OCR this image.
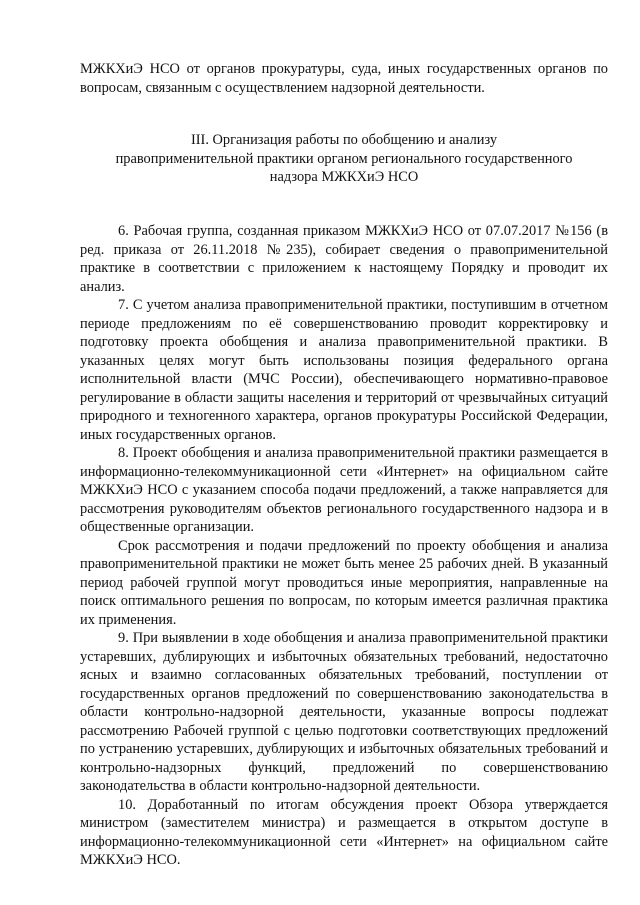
МЖКХиЭ НСО от органов прокуратуры, суда, иных государственных органов по вопросам, связанным с осуществлением надзорной деятельности.

III. Организация работы по обобщению и анализу
правоприменительной практики органом регионального государственного
надзора МЖКХиЭ НСО

6. Рабочая группа, созданная приказом МЖКХиЭ НСО от 07.07.2017 №156 (в ред. приказа от 26.11.2018 №235), собирает сведения о правоприменительной практике в соответствии с приложением к настоящему Порядку и проводит их анализ.

7. С учетом анализа правоприменительной практики, поступившим в отчетном периоде предложениям по её совершенствованию проводит корректировку и подготовку проекта обобщения и анализа правоприменительной практики. В указанных целях могут быть использованы позиция федерального органа исполнительной власти (МЧС России), обеспечивающего нормативно-правовое регулирование в области защиты населения и территорий от чрезвычайных ситуаций природного и техногенного характера, органов прокуратуры Российской Федерации, иных государственных органов.

8. Проект обобщения и анализа правоприменительной практики размещается в информационно-телекоммуникационной сети «Интернет» на официальном сайте МЖКХиЭ НСО с указанием способа подачи предложений, а также направляется для рассмотрения руководителям объектов регионального государственного надзора и в общественные организации.

Срок рассмотрения и подачи предложений по проекту обобщения и анализа правоприменительной практики не может быть менее 25 рабочих дней. В указанный период рабочей группой могут проводиться иные мероприятия, направленные на поиск оптимального решения по вопросам, по которым имеется различная практика их применения.

9. При выявлении в ходе обобщения и анализа правоприменительной практики устаревших, дублирующих и избыточных обязательных требований, недостаточно ясных и взаимно согласованных обязательных требований, поступлении от государственных органов предложений по совершенствованию законодательства в области контрольно-надзорной деятельности, указанные вопросы подлежат рассмотрению Рабочей группой с целью подготовки соответствующих предложений по устранению устаревших, дублирующих и избыточных обязательных требований и контрольно-надзорных функций, предложений по совершенствованию законодательства в области контрольно-надзорной деятельности.

10. Доработанный по итогам обсуждения проект Обзора утверждается министром (заместителем министра) и размещается в открытом доступе в информационно-телекоммуникационной сети «Интернет» на официальном сайте МЖКХиЭ НСО.
